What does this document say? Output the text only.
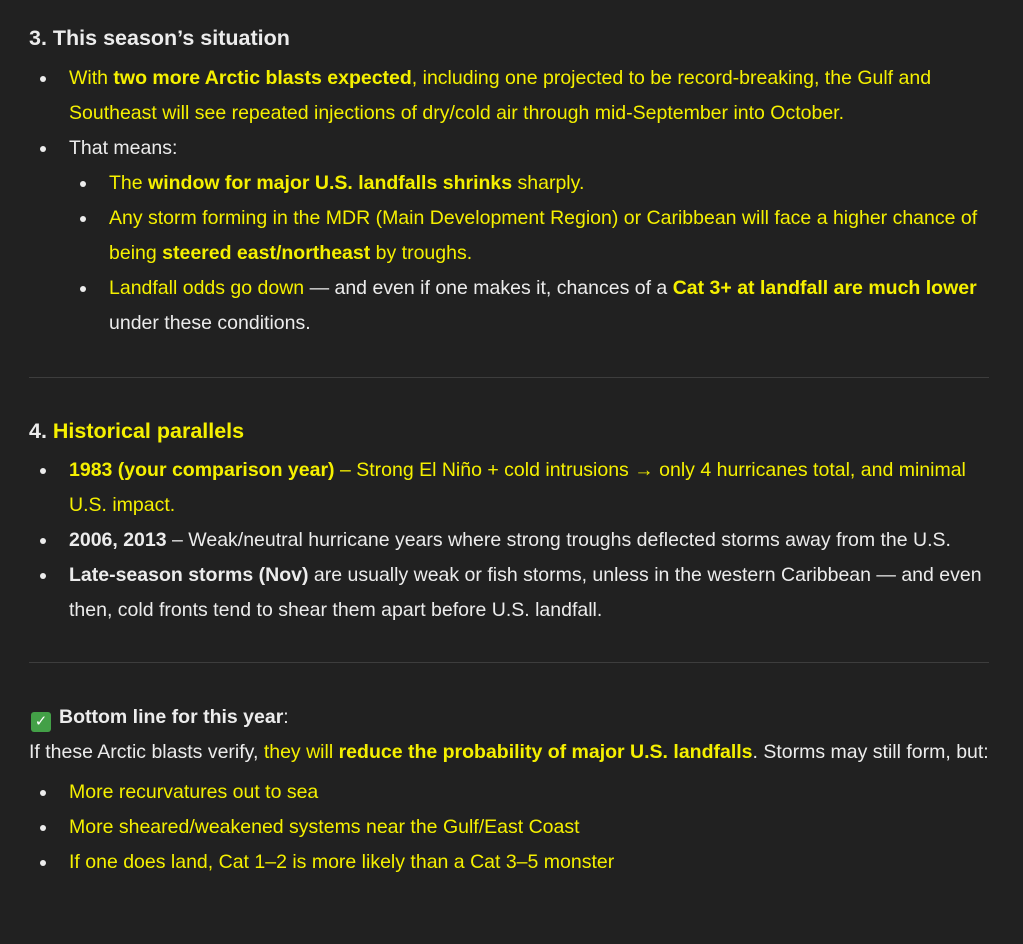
3. This season’s situation
With two more Arctic blasts expected, including one projected to be record-breaking, the Gulf and Southeast will see repeated injections of dry/cold air through mid-September into October.
That means:
The window for major U.S. landfalls shrinks sharply.
Any storm forming in the MDR (Main Development Region) or Caribbean will face a higher chance of being steered east/northeast by troughs.
Landfall odds go down — and even if one makes it, chances of a Cat 3+ at landfall are much lower under these conditions.
4. Historical parallels
1983 (your comparison year) – Strong El Niño + cold intrusions → only 4 hurricanes total, and minimal U.S. impact.
2006, 2013 – Weak/neutral hurricane years where strong troughs deflected storms away from the U.S.
Late-season storms (Nov) are usually weak or fish storms, unless in the western Caribbean — and even then, cold fronts tend to shear them apart before U.S. landfall.
✓ Bottom line for this year:

If these Arctic blasts verify, they will reduce the probability of major U.S. landfalls. Storms may still form, but:

More recurvatures out to sea
More sheared/weakened systems near the Gulf/East Coast
If one does land, Cat 1–2 is more likely than a Cat 3–5 monster
